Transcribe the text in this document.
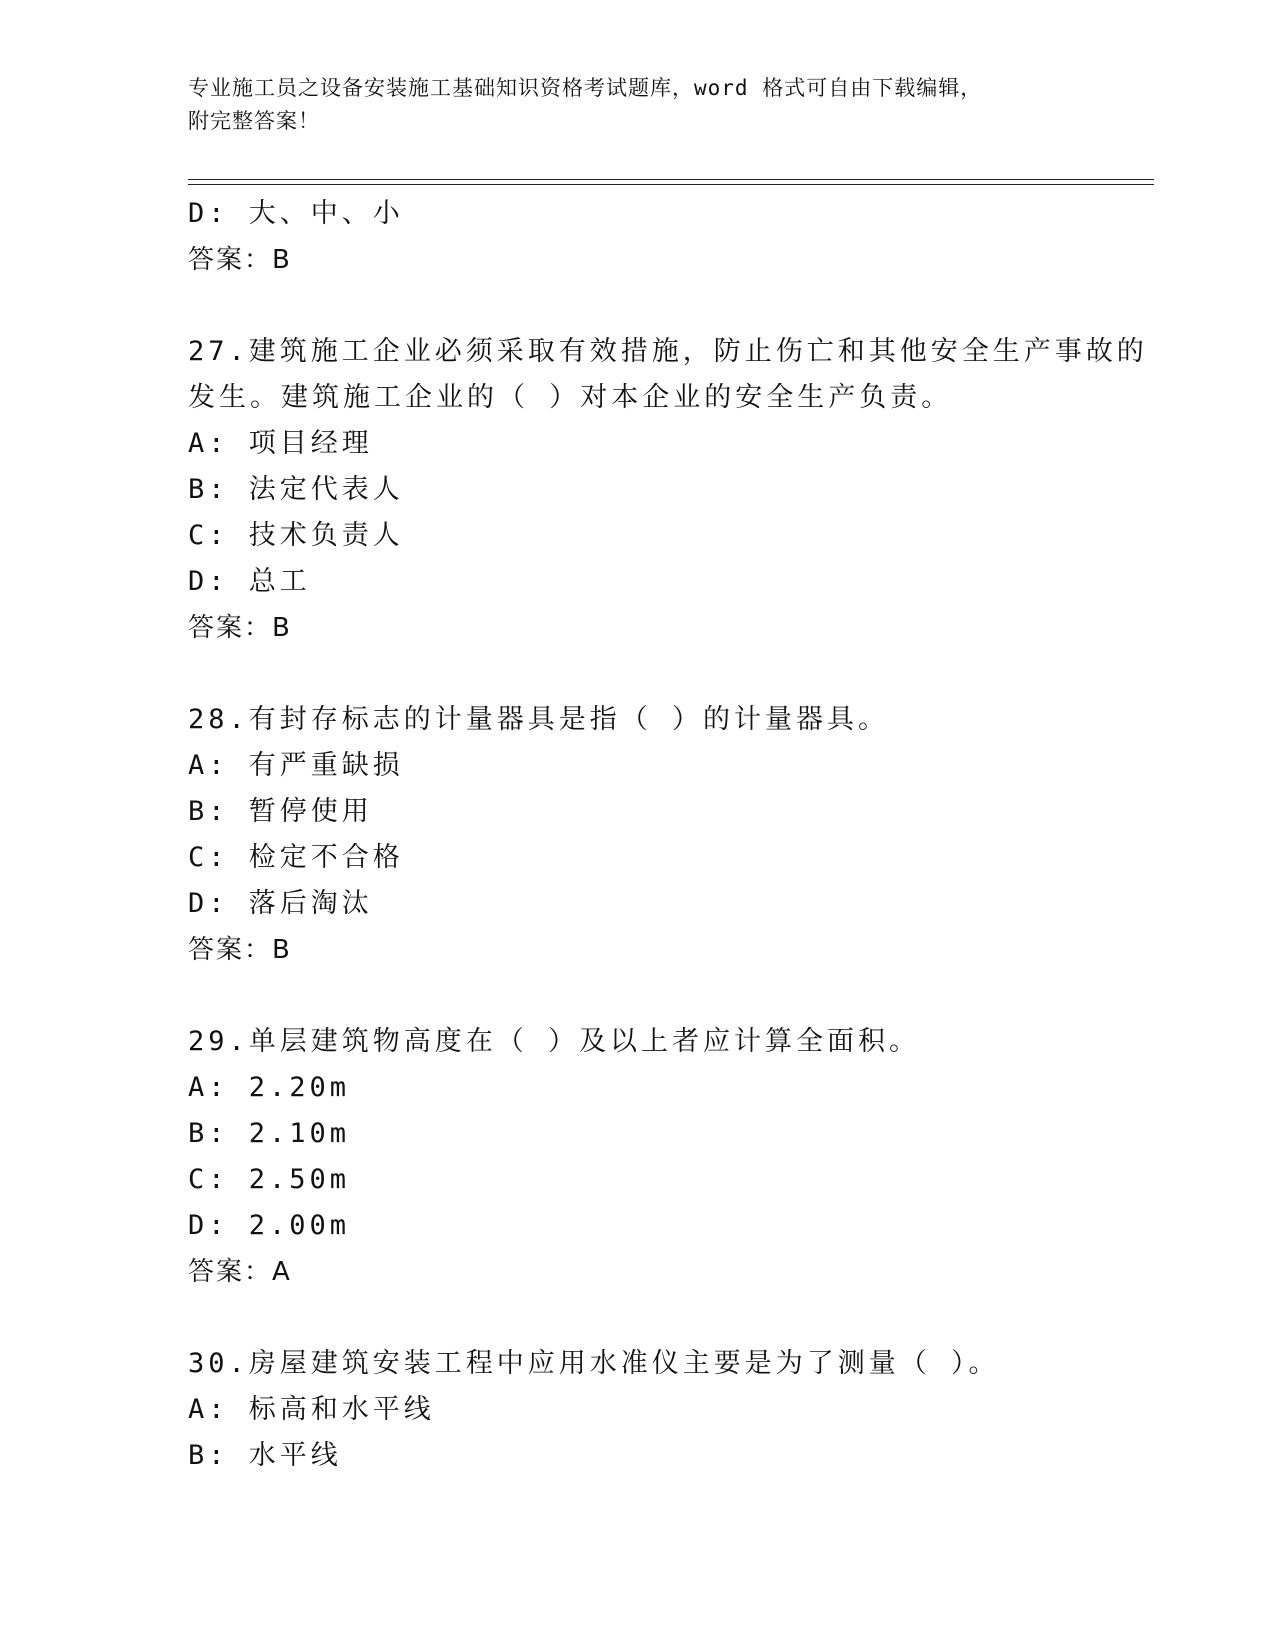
专业施工员之设备安装施工基础知识资格考试题库，word 格式可自由下载编辑，
附完整答案！
D: 大、中、小
答案：B
27.建筑施工企业必须采取有效措施，防止伤亡和其他安全生产事故的
发生。建筑施工企业的（ ）对本企业的安全生产负责。
A: 项目经理
B: 法定代表人
C: 技术负责人
D: 总工
答案：B
28.有封存标志的计量器具是指（ ）的计量器具。
A: 有严重缺损
B: 暂停使用
C: 检定不合格
D: 落后淘汰
答案：B
29.单层建筑物高度在（ ）及以上者应计算全面积。
A: 2.20m
B: 2.10m
C: 2.50m
D: 2.00m
答案：A
30.房屋建筑安装工程中应用水准仪主要是为了测量（ ）。
A: 标高和水平线
B: 水平线
